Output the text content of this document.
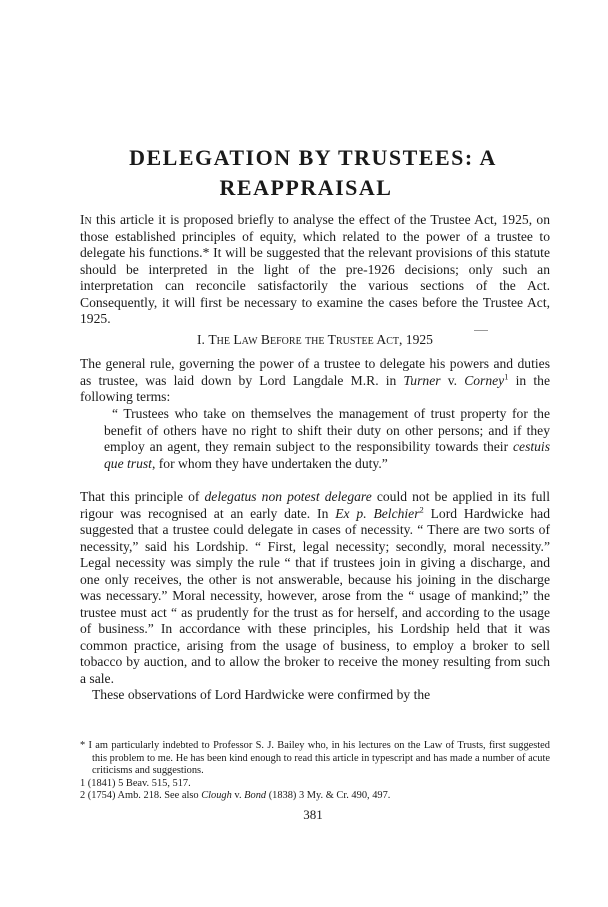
DELEGATION BY TRUSTEES: A
REAPPRAISAL

In this article it is proposed briefly to analyse the effect of the Trustee Act, 1925, on those established principles of equity, which related to the power of a trustee to delegate his functions.* It will be suggested that the relevant provisions of this statute should be interpreted in the light of the pre-1926 decisions; only such an interpretation can reconcile satisfactorily the various sections of the Act. Consequently, it will first be necessary to examine the cases before the Trustee Act, 1925.

I. The Law Before the Trustee Act, 1925

The general rule, governing the power of a trustee to delegate his powers and duties as trustee, was laid down by Lord Langdale M.R. in Turner v. Corney$^1$ in the following terms:

“ Trustees who take on themselves the management of trust property for the benefit of others have no right to shift their duty on other persons; and if they employ an agent, they remain subject to the responsibility towards their cestuis que trust, for whom they have undertaken the duty.”

That this principle of delegatus non potest delegare could not be applied in its full rigour was recognised at an early date. In Ex p. Belchier$^2$ Lord Hardwicke had suggested that a trustee could delegate in cases of necessity. “ There are two sorts of necessity,” said his Lordship. “ First, legal necessity; secondly, moral necessity.” Legal necessity was simply the rule “ that if trustees join in giving a discharge, and one only receives, the other is not answerable, because his joining in the discharge was necessary.” Moral necessity, however, arose from the “ usage of mankind;” the trustee must act “ as prudently for the trust as for herself, and according to the usage of business.” In accordance with these principles, his Lordship held that it was common practice, arising from the usage of business, to employ a broker to sell tobacco by auction, and to allow the broker to receive the money resulting from such a sale.
These observations of Lord Hardwicke were confirmed by the

* I am particularly indebted to Professor S. J. Bailey who, in his lectures on the Law of Trusts, first suggested this problem to me. He has been kind enough to read this article in typescript and has made a number of acute criticisms and suggestions.

1 (1841) 5 Beav. 515, 517.

2 (1754) Amb. 218. See also Clough v. Bond (1838) 3 My. & Cr. 490, 497.

381
